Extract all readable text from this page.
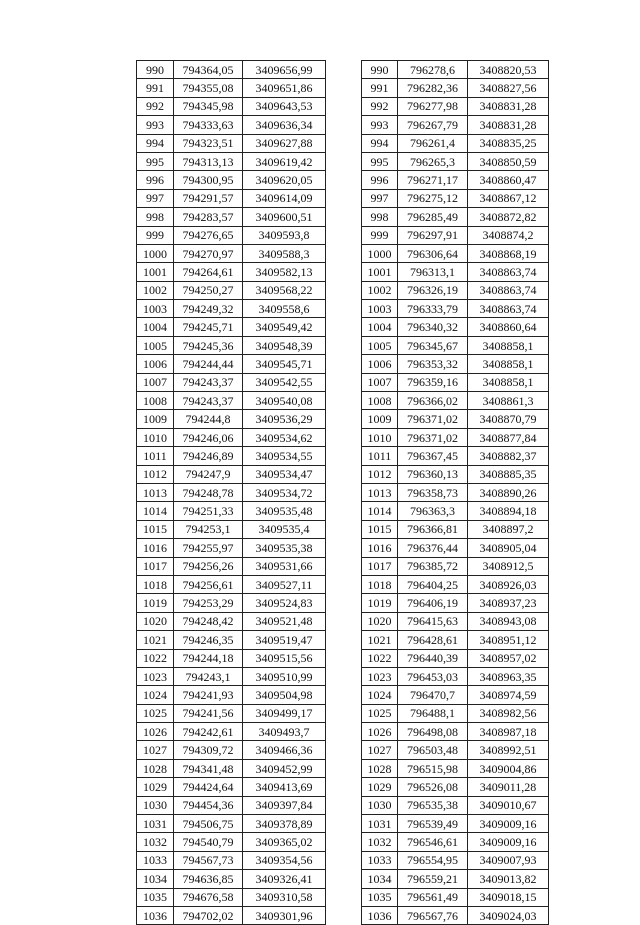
990	794364,05	3409656,99
991	794355,08	3409651,86
992	794345,98	3409643,53
993	794333,63	3409636,34
994	794323,51	3409627,88
995	794313,13	3409619,42
996	794300,95	3409620,05
997	794291,57	3409614,09
998	794283,57	3409600,51
999	794276,65	3409593,8
1000	794270,97	3409588,3
1001	794264,61	3409582,13
1002	794250,27	3409568,22
1003	794249,32	3409558,6
1004	794245,71	3409549,42
1005	794245,36	3409548,39
1006	794244,44	3409545,71
1007	794243,37	3409542,55
1008	794243,37	3409540,08
1009	794244,8	3409536,29
1010	794246,06	3409534,62
1011	794246,89	3409534,55
1012	794247,9	3409534,47
1013	794248,78	3409534,72
1014	794251,33	3409535,48
1015	794253,1	3409535,4
1016	794255,97	3409535,38
1017	794256,26	3409531,66
1018	794256,61	3409527,11
1019	794253,29	3409524,83
1020	794248,42	3409521,48
1021	794246,35	3409519,47
1022	794244,18	3409515,56
1023	794243,1	3409510,99
1024	794241,93	3409504,98
1025	794241,56	3409499,17
1026	794242,61	3409493,7
1027	794309,72	3409466,36
1028	794341,48	3409452,99
1029	794424,64	3409413,69
1030	794454,36	3409397,84
1031	794506,75	3409378,89
1032	794540,79	3409365,02
1033	794567,73	3409354,56
1034	794636,85	3409326,41
1035	794676,58	3409310,58
1036	794702,02	3409301,96
990	796278,6	3408820,53
991	796282,36	3408827,56
992	796277,98	3408831,28
993	796267,79	3408831,28
994	796261,4	3408835,25
995	796265,3	3408850,59
996	796271,17	3408860,47
997	796275,12	3408867,12
998	796285,49	3408872,82
999	796297,91	3408874,2
1000	796306,64	3408868,19
1001	796313,1	3408863,74
1002	796326,19	3408863,74
1003	796333,79	3408863,74
1004	796340,32	3408860,64
1005	796345,67	3408858,1
1006	796353,32	3408858,1
1007	796359,16	3408858,1
1008	796366,02	3408861,3
1009	796371,02	3408870,79
1010	796371,02	3408877,84
1011	796367,45	3408882,37
1012	796360,13	3408885,35
1013	796358,73	3408890,26
1014	796363,3	3408894,18
1015	796366,81	3408897,2
1016	796376,44	3408905,04
1017	796385,72	3408912,5
1018	796404,25	3408926,03
1019	796406,19	3408937,23
1020	796415,63	3408943,08
1021	796428,61	3408951,12
1022	796440,39	3408957,02
1023	796453,03	3408963,35
1024	796470,7	3408974,59
1025	796488,1	3408982,56
1026	796498,08	3408987,18
1027	796503,48	3408992,51
1028	796515,98	3409004,86
1029	796526,08	3409011,28
1030	796535,38	3409010,67
1031	796539,49	3409009,16
1032	796546,61	3409009,16
1033	796554,95	3409007,93
1034	796559,21	3409013,82
1035	796561,49	3409018,15
1036	796567,76	3409024,03
